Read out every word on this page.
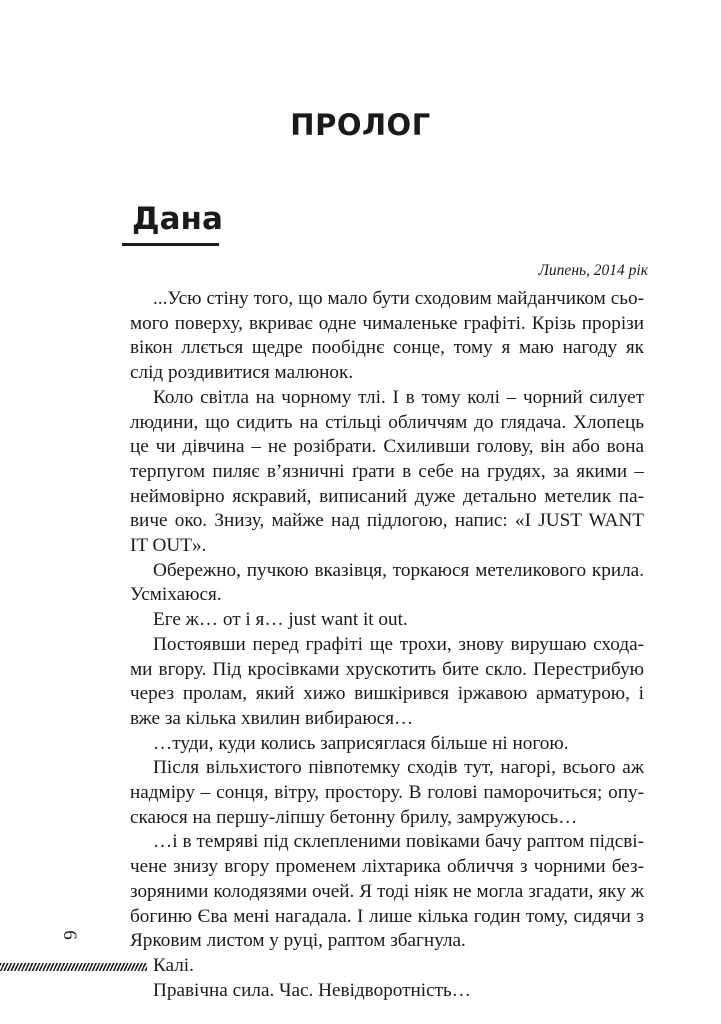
ПРОЛОГ
Дана
Липень, 2014 рік

...Усю стіну того, що мало бути сходовим майданчиком сьомого поверху, вкриває одне чималеньке графіті. Крізь прорізи вікон ллється щедре пообіднє сонце, тому я маю нагоду як слід роздивитися малюнок.

Коло світла на чорному тлі. І в тому колі – чорний силует людини, що сидить на стільці обличчям до глядача. Хлопець це чи дівчина – не розібрати. Схиливши голову, він або вона терпугом пиляє в’язничні ґрати в себе на грудях, за якими – неймовірно яскравий, виписаний дуже детально метелик павиче око. Знизу, майже над підлогою, напис: «I JUST WANT IT OUT».

Обережно, пучкою вказівця, торкаюся метеликового крила. Усміхаюся.

Еге ж… от і я… just want it out.

Постоявши перед графіті ще трохи, знову вирушаю сходами вгору. Під кросівками хрускотить бите скло. Перестрибую через пролам, який хижо вишкірився іржавою арматурою, і вже за кілька хвилин вибираюся…

…туди, куди колись заприсяглася більше ні ногою.

Після вільхистого півпотемку сходів тут, нагорі, всього аж надміру – сонця, вітру, простору. В голові паморочиться; опускаюся на першу-ліпшу бетонну брилу, замружуюсь…

…і в темряві під склепленими повіками бачу раптом підсвічене знизу вгору променем ліхтарика обличчя з чорними беззоряними колодязями очей. Я тоді ніяк не могла згадати, яку ж богиню Єва мені нагадала. І лише кілька годин тому, сидячи з Ярковим листом у руці, раптом збагнула.

Калі.

Правічна сила. Час. Невідворотність…

6
